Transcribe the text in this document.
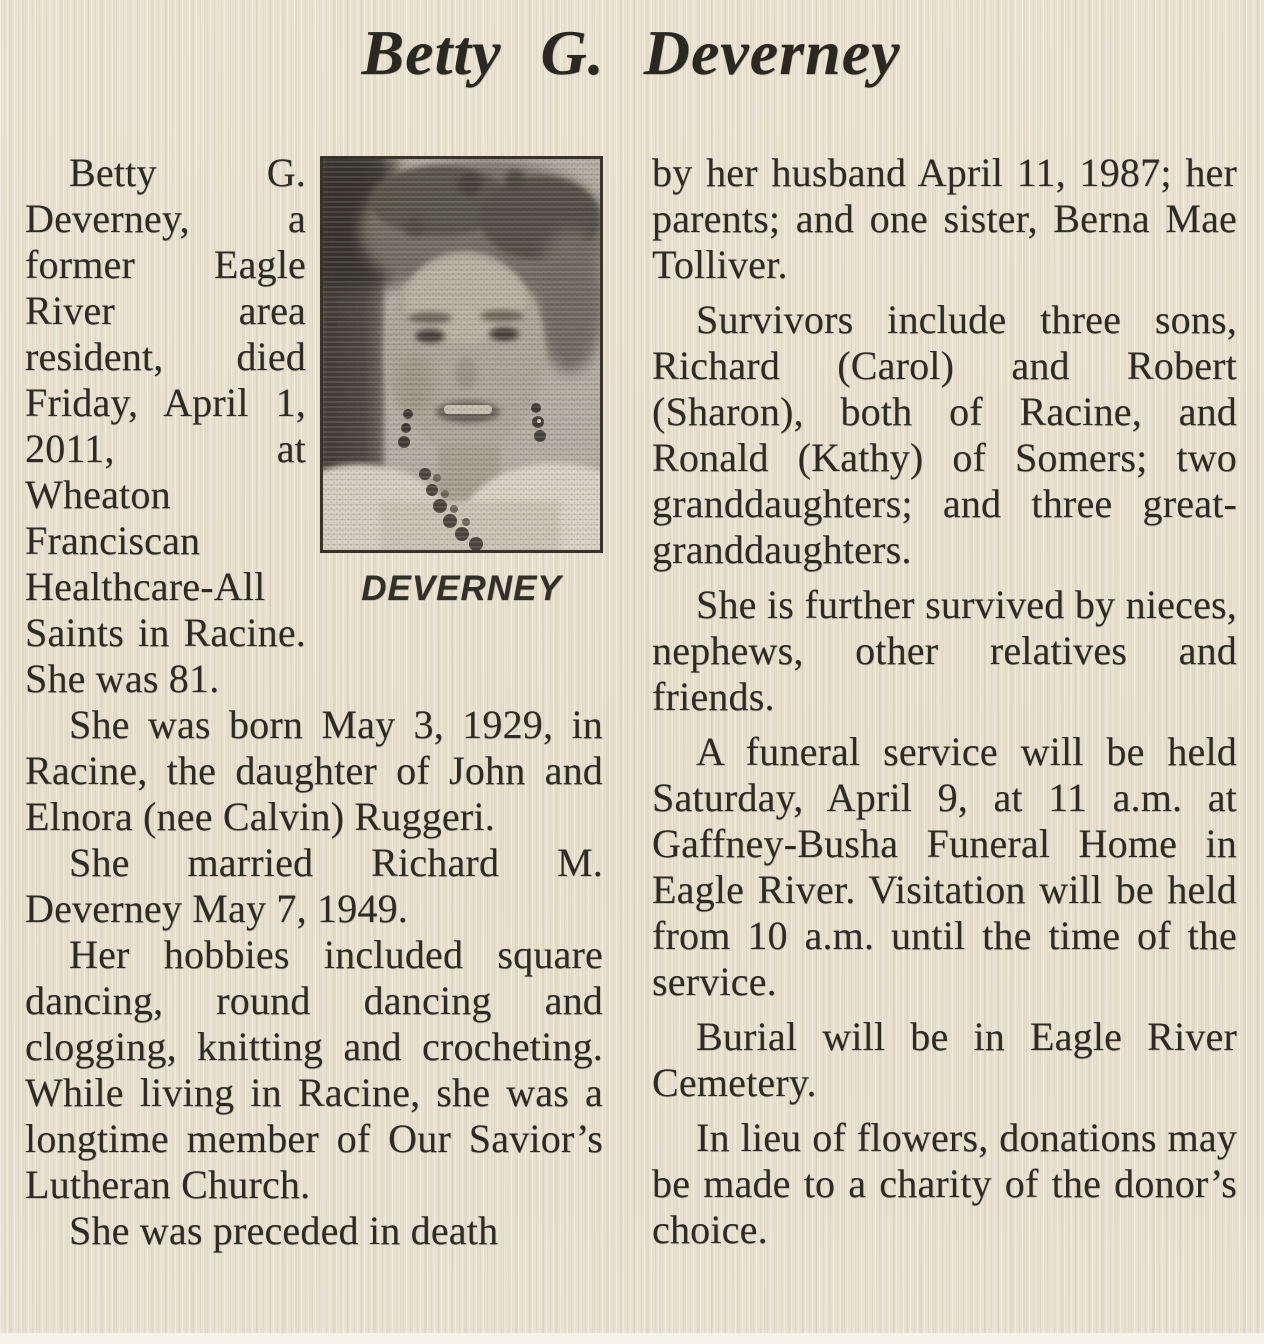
Betty G. Deverney
DEVERNEY

Betty G. Deverney, a former Eagle River area resident, died Friday, April 1, 2011, at Wheaton Franciscan Healthcare-All Saints in Racine. She was 81.

She was born May 3, 1929, in Racine, the daughter of John and Elnora (nee Calvin) Ruggeri.

She married Richard M. Deverney May 7, 1949.

Her hobbies included square dancing, round dancing and clogging, knitting and crocheting. While living in Racine, she was a longtime member of Our Savior’s Lutheran Church.

She was preceded in death

by her husband April 11, 1987; her parents; and one sister, Berna Mae Tolliver.

Survivors include three sons, Richard (Carol) and Robert (Sharon), both of Racine, and Ronald (Kathy) of Somers; two granddaughters; and three great-granddaughters.

She is further survived by nieces, nephews, other relatives and friends.

A funeral service will be held Saturday, April 9, at 11 a.m. at Gaffney-Busha Funeral Home in Eagle River. Visitation will be held from 10 a.m. until the time of the service.

Burial will be in Eagle River Cemetery.

In lieu of flowers, donations may be made to a charity of the donor’s choice.
